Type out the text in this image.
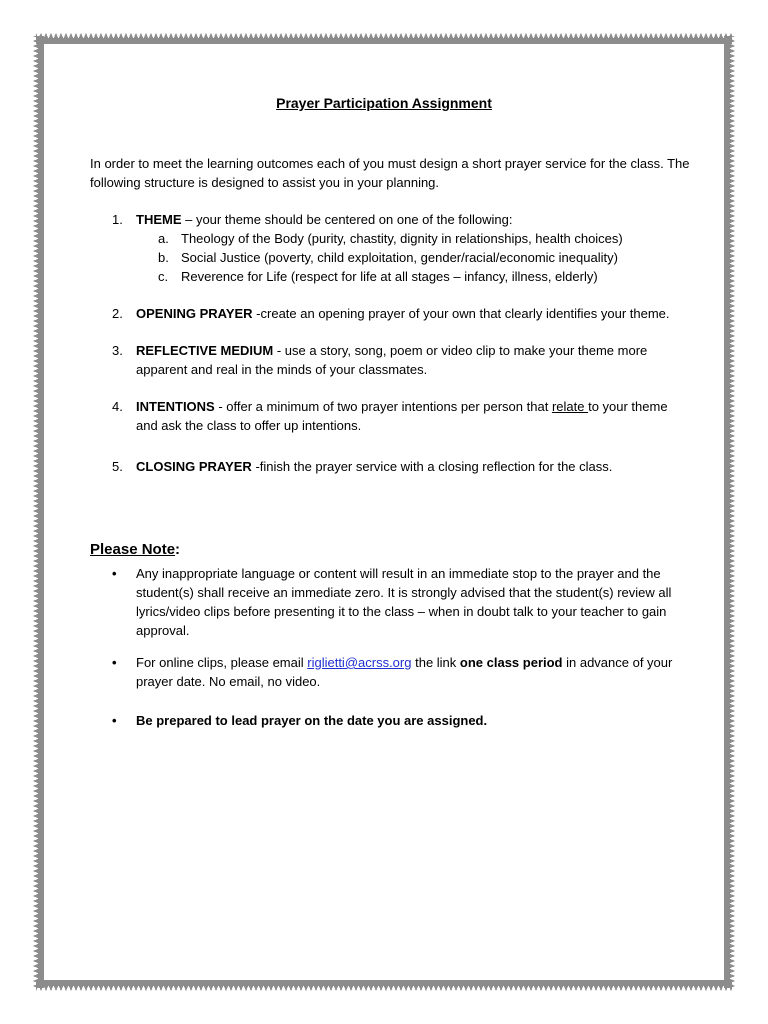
Prayer Participation Assignment
In order to meet the learning outcomes each of you must design a short prayer service for the class. The following structure is designed to assist you in your planning.
1. THEME – your theme should be centered on one of the following:
a. Theology of the Body (purity, chastity, dignity in relationships, health choices)
b. Social Justice (poverty, child exploitation, gender/racial/economic inequality)
c. Reverence for Life (respect for life at all stages – infancy, illness, elderly)
2. OPENING PRAYER -create an opening prayer of your own that clearly identifies your theme.
3. REFLECTIVE MEDIUM - use a story, song, poem or video clip to make your theme more apparent and real in the minds of your classmates.
4. INTENTIONS - offer a minimum of two prayer intentions per person that relate to your theme and ask the class to offer up intentions.
5. CLOSING PRAYER -finish the prayer service with a closing reflection for the class.
Please Note:
• Any inappropriate language or content will result in an immediate stop to the prayer and the student(s) shall receive an immediate zero. It is strongly advised that the student(s) review all lyrics/video clips before presenting it to the class – when in doubt talk to your teacher to gain approval.
• For online clips, please email riglietti@acrss.org the link one class period in advance of your prayer date. No email, no video.
• Be prepared to lead prayer on the date you are assigned.
